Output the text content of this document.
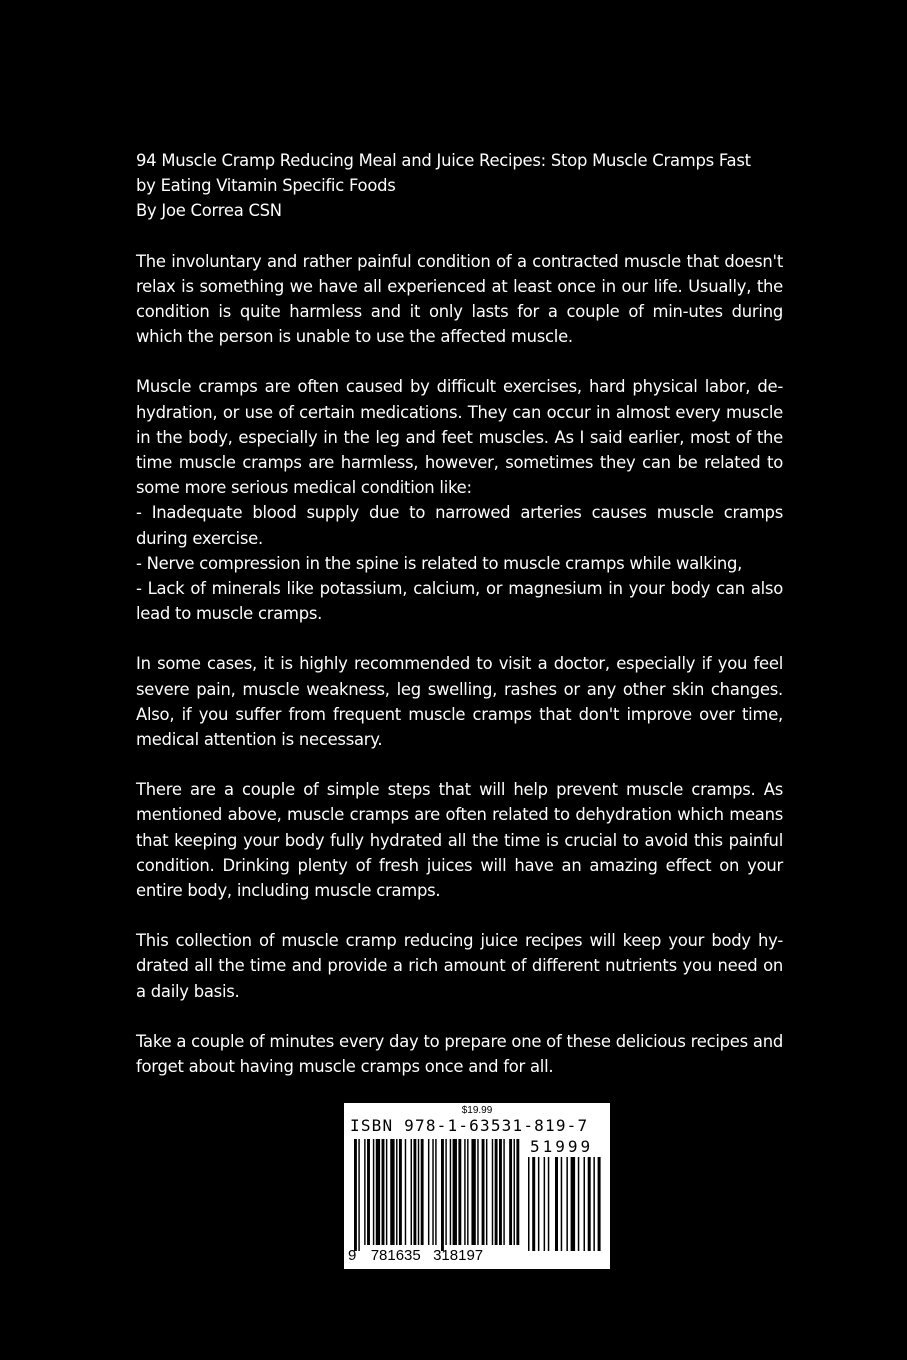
94 Muscle Cramp Reducing Meal and Juice Recipes: Stop Muscle Cramps Fast

by Eating Vitamin Specific Foods

By Joe Correa CSN

The involuntary and rather painful condition of a contracted muscle that doesn't relax is something we have all experienced at least once in our life. Usually, the condition is quite harmless and it only lasts for a couple of min-utes during which the person is unable to use the affected muscle.

Muscle cramps are often caused by difficult exercises, hard physical labor, de-hydration, or use of certain medications. They can occur in almost every muscle in the body, especially in the leg and feet muscles. As I said earlier, most of the time muscle cramps are harmless, however, sometimes they can be related to some more serious medical condition like:
- Inadequate blood supply due to narrowed arteries causes muscle cramps during exercise.
- Nerve compression in the spine is related to muscle cramps while walking,
- Lack of minerals like potassium, calcium, or magnesium in your body can also lead to muscle cramps.

In some cases, it is highly recommended to visit a doctor, especially if you feel severe pain, muscle weakness, leg swelling, rashes or any other skin changes. Also, if you suffer from frequent muscle cramps that don't improve over time, medical attention is necessary.

There are a couple of simple steps that will help prevent muscle cramps. As mentioned above, muscle cramps are often related to dehydration which means that keeping your body fully hydrated all the time is crucial to avoid this painful condition. Drinking plenty of fresh juices will have an amazing effect on your entire body, including muscle cramps.

This collection of muscle cramp reducing juice recipes will keep your body hy-drated all the time and provide a rich amount of different nutrients you need on a daily basis.

Take a couple of minutes every day to prepare one of these delicious recipes and forget about having muscle cramps once and for all.

$19.99
ISBN 978-1-63531-819-7
51999
9 781635 318197
